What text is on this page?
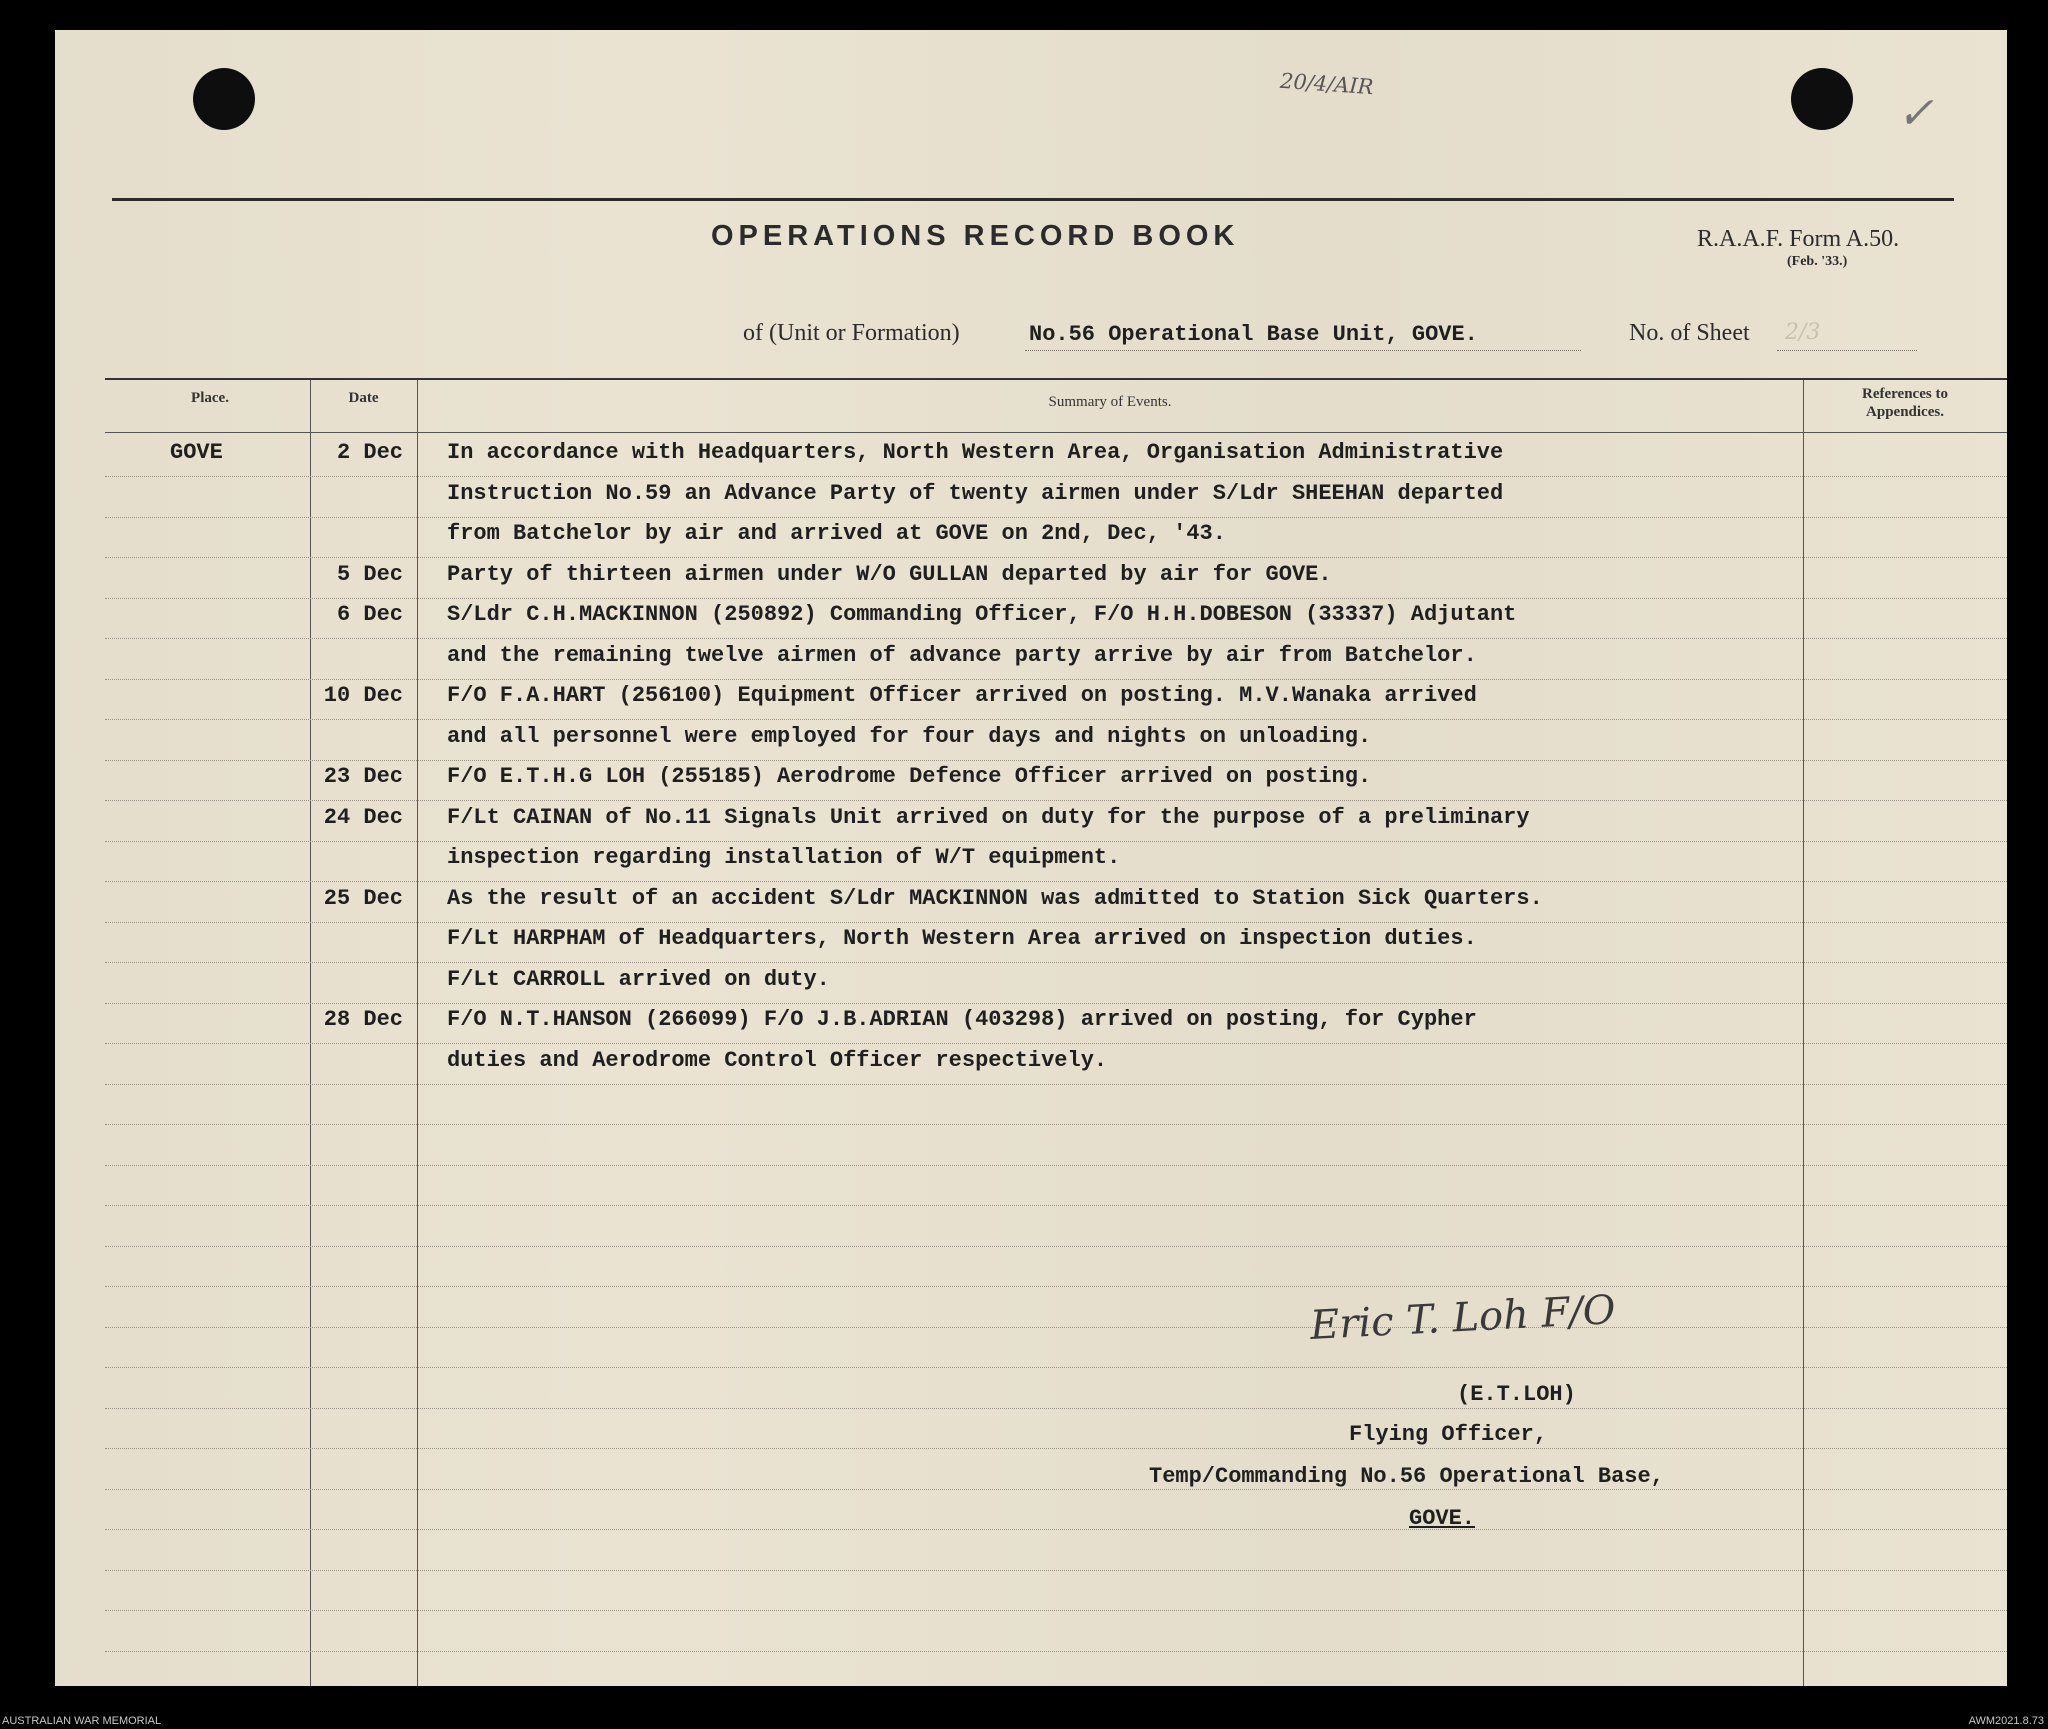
20/4/AIR
✓
OPERATIONS RECORD BOOK	R.A.A.F. Form A.50.
(Feb. '33.)
of (Unit or Formation)	No.56 Operational Base Unit, GOVE.	No. of Sheet 2/3
Place.	Date	Summary of Events.	References to
Appendices.
GOVE	2 Dec In accordance with Headquarters, North Western Area, Organisation Administrative
Instruction No.59 an Advance Party of twenty airmen under S/Ldr SHEEHAN departed
from Batchelor by air and arrived at GOVE on 2nd, Dec, '43.
5 Dec Party of thirteen airmen under W/O GULLAN departed by air for GOVE.
6 Dec S/Ldr C.H.MACKINNON (250892) Commanding Officer, F/O H.H.DOBESON (33337) Adjutant
and the remaining twelve airmen of advance party arrive by air from Batchelor.
10 Dec F/O F.A.HART (256100) Equipment Officer arrived on posting. M.V.Wanaka arrived
and all personnel were employed for four days and nights on unloading.
23 Dec F/O E.T.H.G LOH (255185) Aerodrome Defence Officer arrived on posting.
24 Dec F/Lt CAINAN of No.11 Signals Unit arrived on duty for the purpose of a preliminary
inspection regarding installation of W/T equipment.
25 Dec As the result of an accident S/Ldr MACKINNON was admitted to Station Sick Quarters.
F/Lt HARPHAM of Headquarters, North Western Area arrived on inspection duties.
F/Lt CARROLL arrived on duty.
28 Dec F/O N.T.HANSON (266099) F/O J.B.ADRIAN (403298) arrived on posting, for Cypher
duties and Aerodrome Control Officer respectively.
Eric T. Loh F/O
(E.T.LOH)
Flying Officer,
Temp/Commanding No.56 Operational Base,
GOVE.
AUSTRALIAN WAR MEMORIAL	AWM2021.8.73
